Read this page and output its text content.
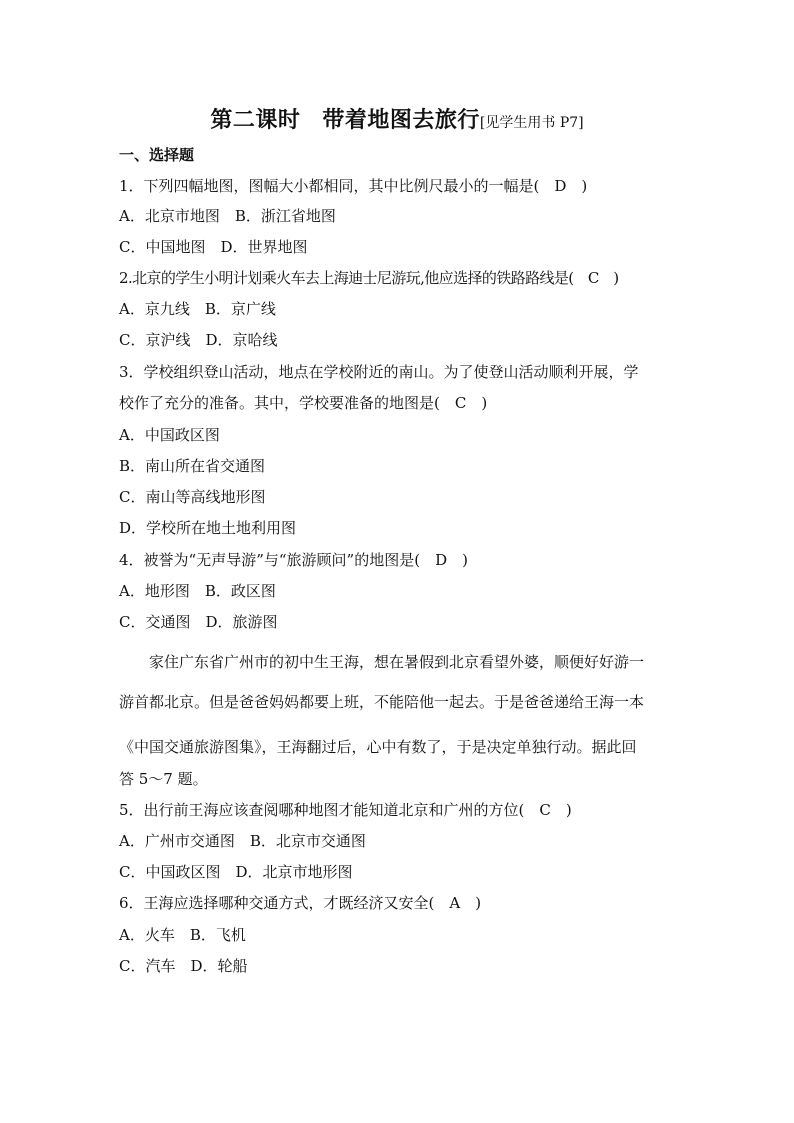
第二课时 带着地图去旅行[见学生用书 P7]
一、选择题
1．下列四幅地图，图幅大小都相同，其中比例尺最小的一幅是(　D　)
A．北京市地图　B．浙江省地图
C．中国地图　D．世界地图
2.北京的学生小明计划乘火车去上海迪士尼游玩,他应选择的铁路路线是(　C　)
A．京九线　B．京广线
C．京沪线　D．京哈线
3．学校组织登山活动，地点在学校附近的南山。为了使登山活动顺利开展，学
校作了充分的准备。其中，学校要准备的地图是(　C　)
A．中国政区图
B．南山所在省交通图
C．南山等高线地形图
D．学校所在地土地利用图
4．被誉为“无声导游”与“旅游顾问”的地图是(　D　)
A．地形图　B．政区图
C．交通图　D．旅游图
　　家住广东省广州市的初中生王海，想在暑假到北京看望外婆，顺便好好游一
游首都北京。但是爸爸妈妈都要上班，不能陪他一起去。于是爸爸递给王海一本
《中国交通旅游图集》，王海翻过后，心中有数了，于是决定单独行动。据此回
答 5～7 题。
5．出行前王海应该查阅哪种地图才能知道北京和广州的方位(　C　)
A．广州市交通图　B．北京市交通图
C．中国政区图　D．北京市地形图
6．王海应选择哪种交通方式，才既经济又安全(　A　)
A．火车　B．飞机
C．汽车　D．轮船
